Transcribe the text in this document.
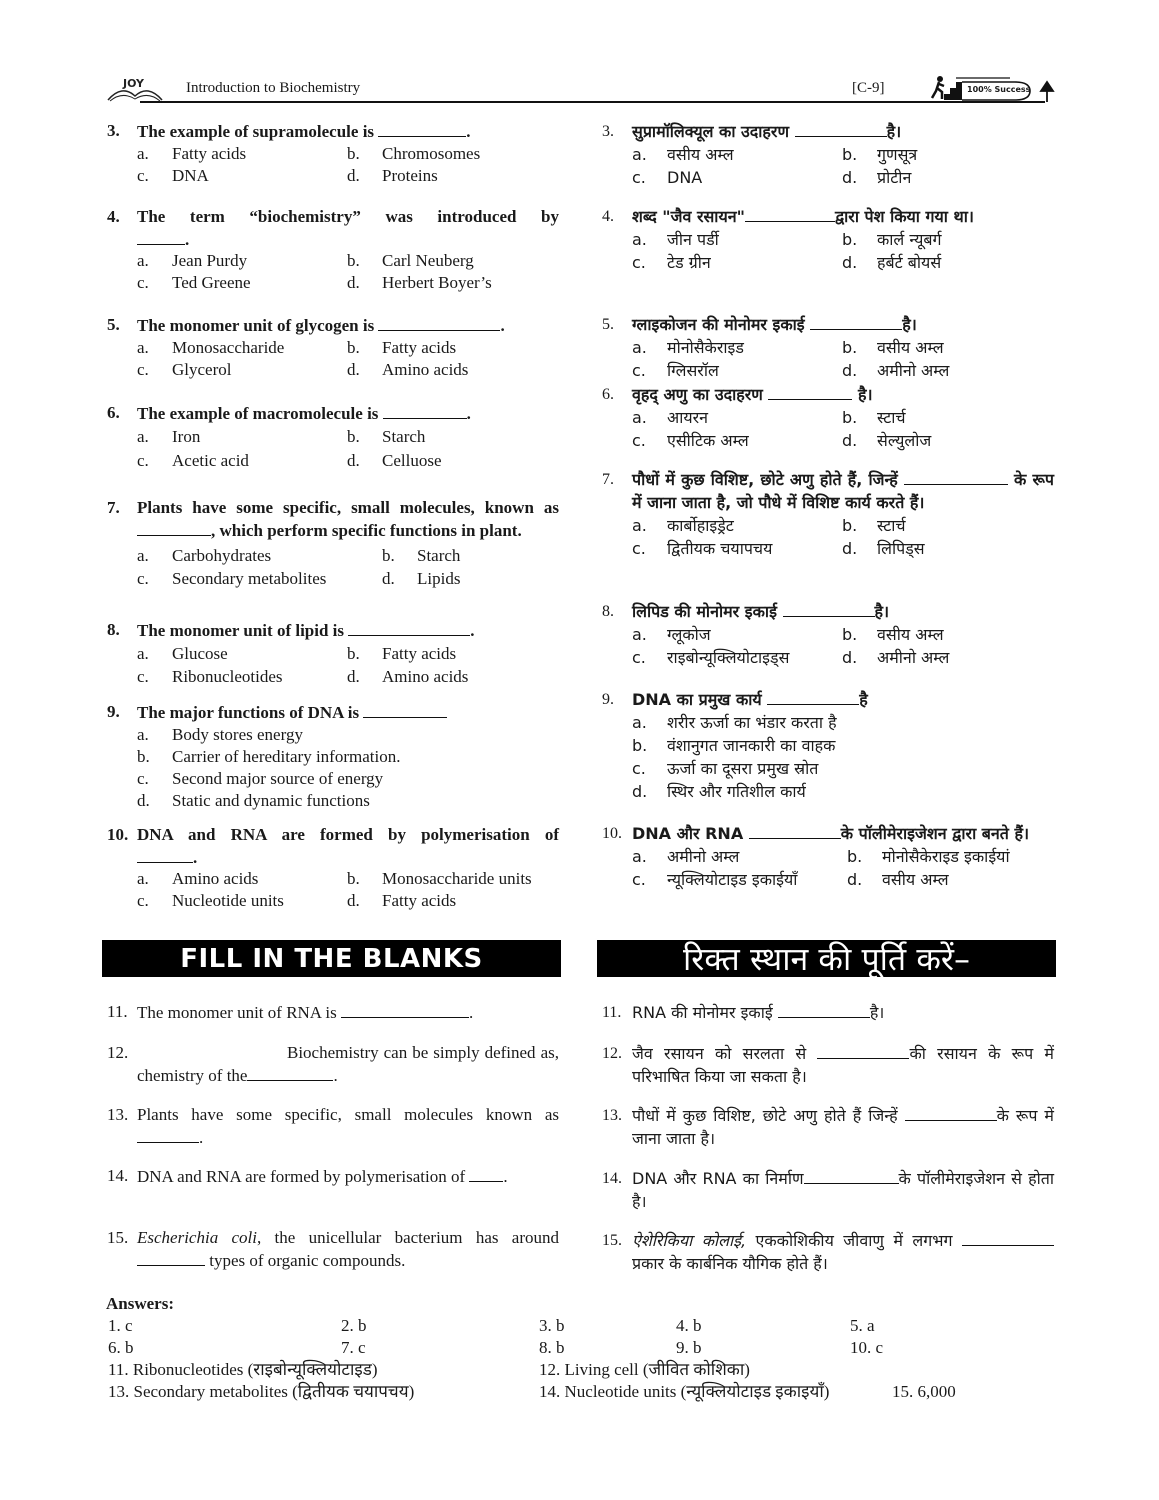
JOY	Introduction to Biochemistry	[C-9]	100% Success
3.	The example of supramolecule is	.
a.	Fatty acids	b.	Chromosomes
c.	DNA	d.	Proteins
4.	The term “biochemistry” was introduced by
.
a.	Jean Purdy	b.	Carl Neuberg
c.	Ted Greene	d.	Herbert Boyer’s
5.	The monomer unit of glycogen is	.
a.	Monosaccharide	b.	Fatty acids
c.	Glycerol	d.	Amino acids
6.	The example of macromolecule is	.
a.	Iron	b.	Starch
c.	Acetic acid	d.	Celluose
7.	Plants have some specific, small molecules, known as, which perform specific functions in plant.
a.	Carbohydrates	b.	Starch
c.	Secondary metabolites	d.	Lipids
8.	The monomer unit of lipid is	.
a.	Glucose	b.	Fatty acids
c.	Ribonucleotides	d.	Amino acids
9.	The major functions of DNA is
a.	Body stores energy
b.	Carrier of hereditary information.
c.	Second major source of energy
d.	Static and dynamic functions
10. DNA and RNA are formed by polymerisation of
.
a.	Amino acids	b.	Monosaccharide units
c.	Nucleotide units	d.	Fatty acids
3.	सुप्रामॉलिक्यूल का उदाहरण	है।
a.	वसीय अम्ल	b.	गुणसूत्र
c.	DNA	d.	प्रोटीन
4.	शब्द "जैव रसायन"	द्वारा पेश किया गया था।
a.	जीन पर्डी	b.	कार्ल न्यूबर्ग
c.	टेड ग्रीन	d.	हर्बर्ट बोयर्स
5.	ग्लाइकोजन की मोनोमर इकाई	है।
a.	मोनोसैकेराइड	b.	वसीय अम्ल
c.	ग्लिसरॉल	d.	अमीनो अम्ल
6.	वृहद् अणु का उदाहरण	है।
a.	आयरन	b.	स्टार्च
c.	एसीटिक अम्ल	d.	सेल्युलोज
7.	पौधों में कुछ विशिष्ट, छोटे अणु होते हैं, जिन्हें	के रूप में जाना जाता है, जो पौधे में विशिष्ट कार्य करते हैं।
a.	कार्बोहाइड्रेट	b.	स्टार्च
c.	द्वितीयक चयापचय	d.	लिपिड्स
8.	लिपिड की मोनोमर इकाई	है।
a.	ग्लूकोज	b.	वसीय अम्ल
c.	राइबोन्यूक्लियोटाइड्स	d.	अमीनो अम्ल
9.	DNA का प्रमुख कार्य	है
a.	शरीर ऊर्जा का भंडार करता है
b.	वंशानुगत जानकारी का वाहक
c.	ऊर्जा का दूसरा प्रमुख स्रोत
d.	स्थिर और गतिशील कार्य
10. DNA और RNA	के पॉलीमेराइजेशन द्वारा बनते हैं।
a.	अमीनो अम्ल	b.	मोनोसैकेराइड इकाईयां
c.	न्यूक्लियोटाइड इकाईयाँ	d.	वसीय अम्ल
FILL IN THE BLANKS	रिक्त स्थान की पूर्ति करें–
11. The monomer unit of RNA is	.
12.	Biochemistry can be simply defined as, chemistry of the	.
13. Plants have some specific, small molecules known as .
14. DNA and RNA are formed by polymerisation of .
15. Escherichia coli, the unicellular bacterium has around  types of organic compounds.
11. RNA की मोनोमर इकाई	है।
12. जैव रसायन को सरलता से	की रसायन के रूप में परिभाषित किया जा सकता है।
13. पौधों में कुछ विशिष्ट, छोटे अणु होते हैं जिन्हें	के रूप में जाना जाता है।
14. DNA और RNA का निर्माण	के पॉलीमेराइजेशन से होता है।
15. ऐशेरिकिया कोलाई, एककोशिकीय जीवाणु में लगभग प्रकार के कार्बनिक यौगिक होते हैं।
Answers:
1. c	2. b	3. b	4. b	5. a
6. b	7. c	8. b	9. b	10. c
11. Ribonucleotides (राइबोन्यूक्लियोटाइड)	12. Living cell (जीवित कोशिका)
13. Secondary metabolites (द्वितीयक चयापचय)	14. Nucleotide units (न्यूक्लियोटाइड इकाइयाँ)	15. 6,000
